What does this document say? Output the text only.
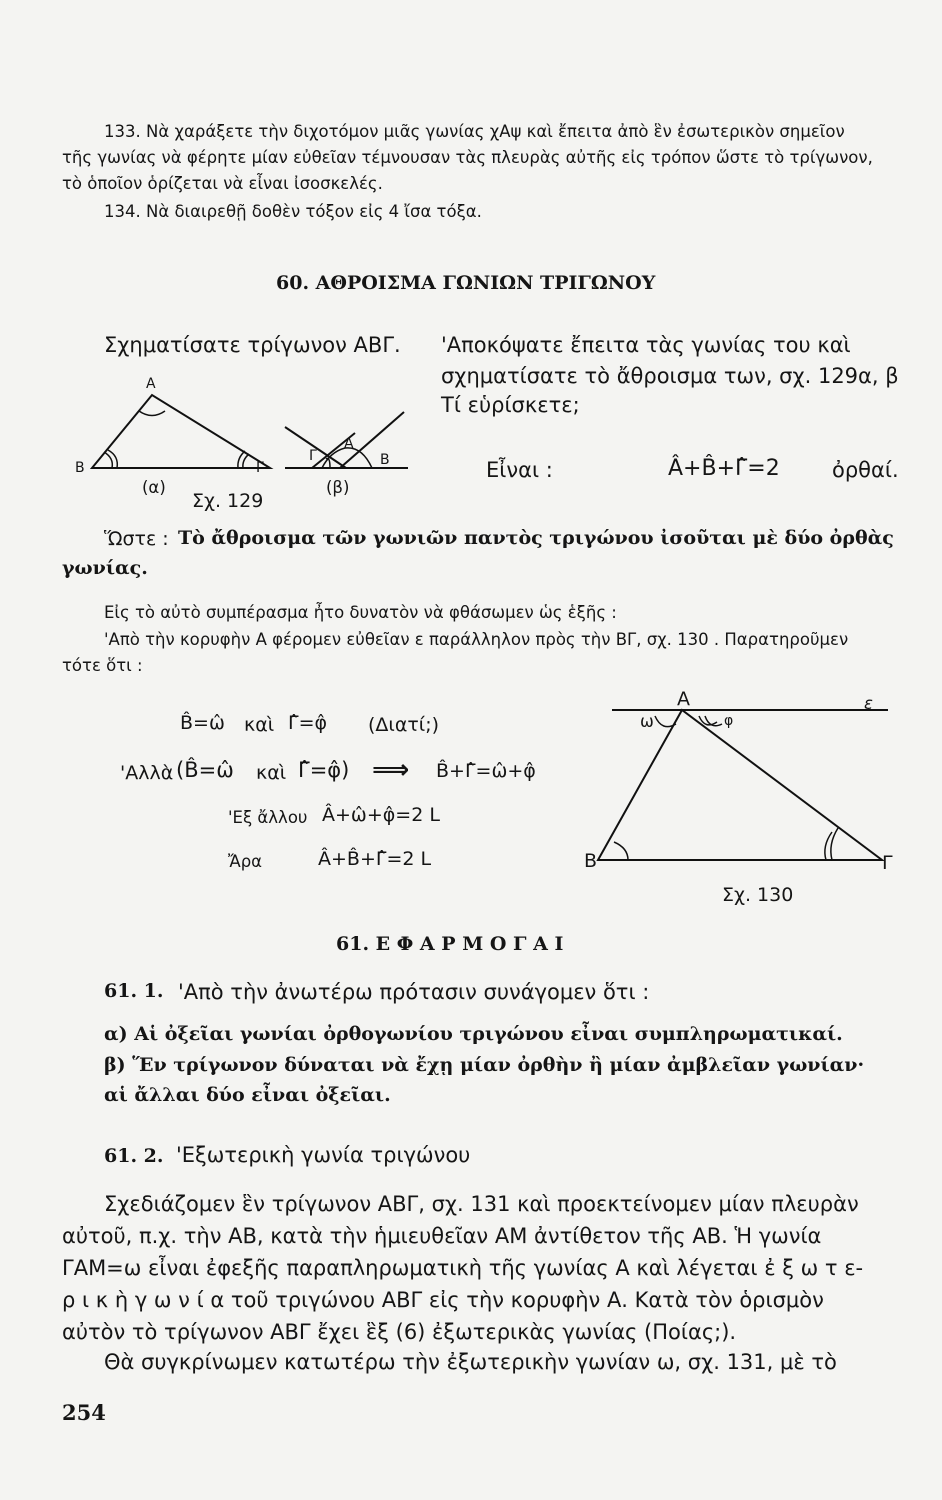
133. Νὰ χαράξετε τὴν διχοτόμον μιᾶς γωνίας χΑψ καὶ ἔπειτα ἀπὸ ἓν ἐσωτερικὸν σημεῖον
τῆς γωνίας νὰ φέρητε μίαν εὐθεῖαν τέμνουσαν τὰς πλευρὰς αὐτῆς εἰς τρόπον ὥστε τὸ τρίγωνον,
τὸ ὁποῖον ὁρίζεται νὰ εἶναι ἰσοσκελές.
134. Νὰ διαιρεθῇ δοθὲν τόξον εἰς 4 ἴσα τόξα.
60. ΑΘΡΟΙΣΜΑ ΓΩΝΙΩΝ ΤΡΙΓΩΝΟΥ
Σχηματίσατε τρίγωνον ΑΒΓ. 'Αποκόψατε ἔπειτα τὰς γωνίας του καὶ
σχηματίσατε τὸ ἄθροισμα των, σχ. 129α, β
Τί εὑρίσκετε;
Α
Β	Γ
(α)
Σχ. 129
(β)
Α
Γ	Β	Εἶναι :	Â+B̂+Γ̂=2 ὀρθαί.
Ὥστε : Τὸ ἄθροισμα τῶν γωνιῶν παντὸς τριγώνου ἰσοῦται μὲ δύο ὀρθὰς
γωνίας.
Εἰς τὸ αὐτὸ συμπέρασμα ἦτο δυνατὸν νὰ φθάσωμεν ὡς ἑξῆς :
'Απὸ τὴν κορυφὴν Α φέρομεν εὐθεῖαν ε παράλληλον πρὸς τὴν ΒΓ, σχ. 130 . Παρατηροῦμεν
τότε ὅτι :
B̂=ω̂ καὶ Γ̂=φ̂ (Διατί;)
'Αλλὰ (B̂=ω̂ καὶ Γ̂=φ̂) ⟹ B̂+Γ̂=ω̂+φ̂
'Εξ ἄλλου Â+ω̂+φ̂=2 L
Ἄρα	Â+B̂+Γ̂=2 L
Α	ε
ω	φ
Β	Γ
Σχ. 130
61. Ε Φ Α Ρ Μ Ο Γ Α Ι
61. 1. 'Απὸ τὴν ἀνωτέρω πρότασιν συνάγομεν ὅτι :
α) Αἱ ὀξεῖαι γωνίαι ὀρθογωνίου τριγώνου εἶναι συμπληρωματικαί.
β) Ἕν τρίγωνον δύναται νὰ ἔχῃ μίαν ὀρθὴν ἢ μίαν ἀμβλεῖαν γωνίαν·
αἱ ἄλλαι δύο εἶναι ὀξεῖαι.
61. 2. 'Εξωτερικὴ γωνία τριγώνου
Σχεδιάζομεν ἓν τρίγωνον ΑΒΓ, σχ. 131 καὶ προεκτείνομεν μίαν πλευρὰν
αὐτοῦ, π.χ. τὴν ΑΒ, κατὰ τὴν ἡμιευθεῖαν ΑΜ ἀντίθετον τῆς ΑΒ. Ἡ γωνία
ΓΑΜ=ω εἶναι ἐφεξῆς παραπληρωματικὴ τῆς γωνίας Α καὶ λέγεται ἐ ξ ω τ ε-
ρ ι κ ὴ γ ω ν ί α τοῦ τριγώνου ΑΒΓ εἰς τὴν κορυφὴν Α. Κατὰ τὸν ὁρισμὸν
αὐτὸν τὸ τρίγωνον ΑΒΓ ἔχει ἓξ (6) ἐξωτερικὰς γωνίας (Ποίας;).
Θὰ συγκρίνωμεν κατωτέρω τὴν ἐξωτερικὴν γωνίαν ω, σχ. 131, μὲ τὸ
254
